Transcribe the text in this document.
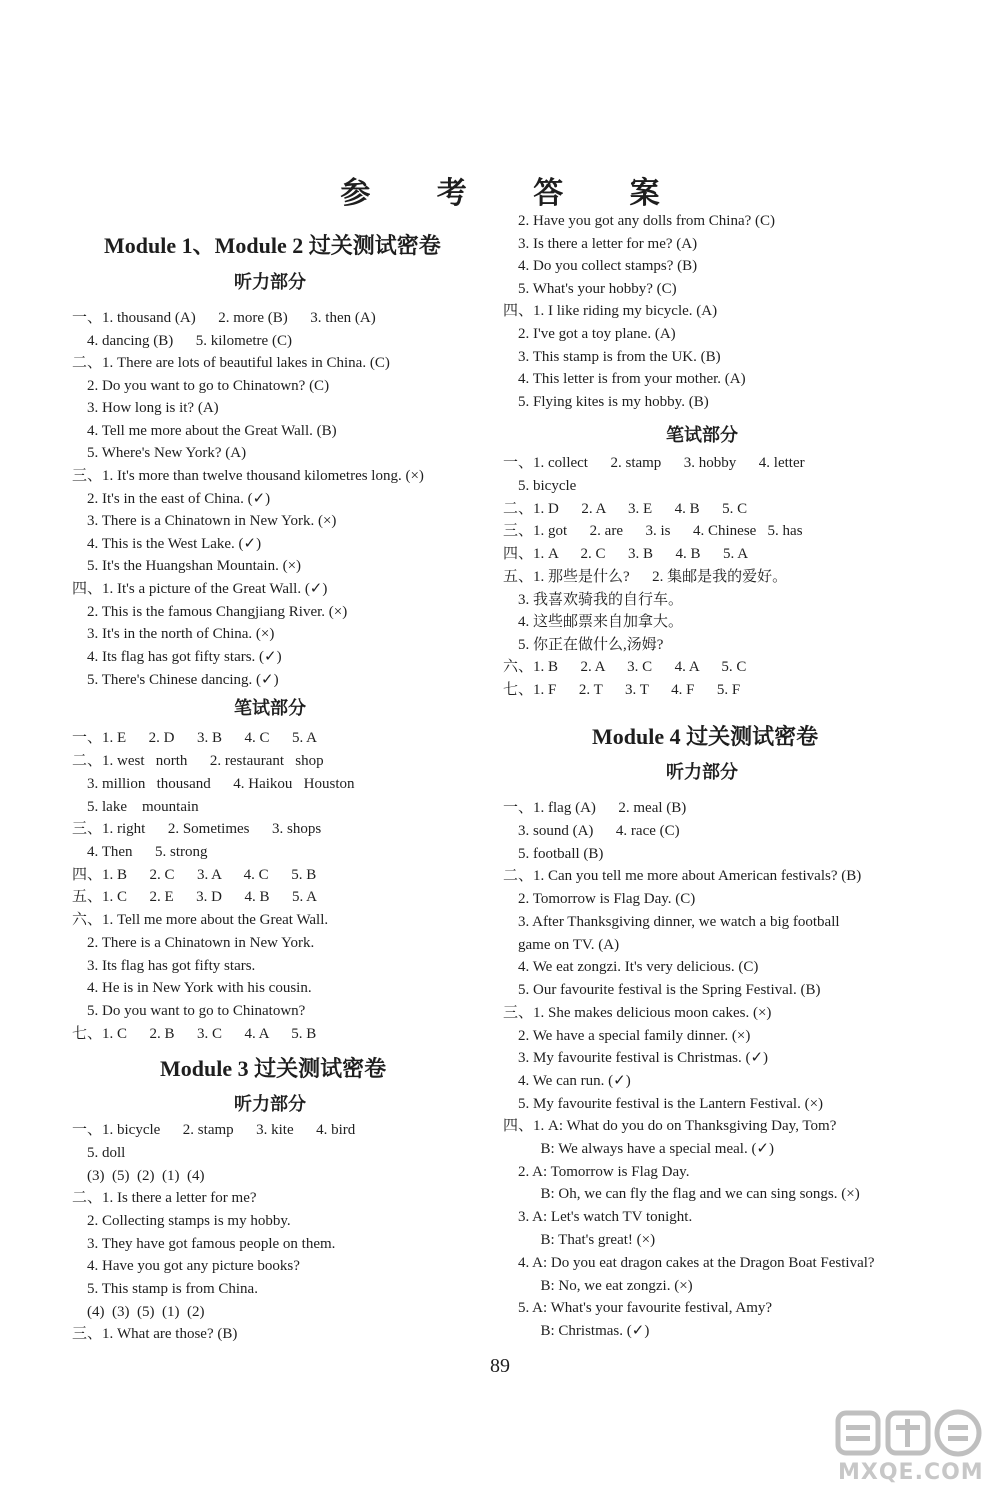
参 考 答 案
Module 1、Module 2 过关测试密卷
听力部分
一、1. thousand (A)      2. more (B)      3. then (A)
4. dancing (B)      5. kilometre (C)
二、1. There are lots of beautiful lakes in China. (C)
2. Do you want to go to Chinatown? (C)
3. How long is it? (A)
4. Tell me more about the Great Wall. (B)
5. Where's New York? (A)
三、1. It's more than twelve thousand kilometres long. (×)
2. It's in the east of China. (✓)
3. There is a Chinatown in New York. (×)
4. This is the West Lake. (✓)
5. It's the Huangshan Mountain. (×)
四、1. It's a picture of the Great Wall. (✓)
2. This is the famous Changjiang River. (×)
3. It's in the north of China. (×)
4. Its flag has got fifty stars. (✓)
5. There's Chinese dancing. (✓)
笔试部分
一、1. E      2. D      3. B      4. C      5. A
二、1. west   north      2. restaurant   shop
3. million   thousand      4. Haikou   Houston
5. lake    mountain
三、1. right      2. Sometimes      3. shops
4. Then      5. strong
四、1. B      2. C      3. A      4. C      5. B
五、1. C      2. E      3. D      4. B      5. A
六、1. Tell me more about the Great Wall.
2. There is a Chinatown in New York.
3. Its flag has got fifty stars.
4. He is in New York with his cousin.
5. Do you want to go to Chinatown?
七、1. C      2. B      3. C      4. A      5. B
Module 3 过关测试密卷
听力部分
一、1. bicycle      2. stamp      3. kite      4. bird
5. doll
(3)  (5)  (2)  (1)  (4)
二、1. Is there a letter for me?
2. Collecting stamps is my hobby.
3. They have got famous people on them.
4. Have you got any picture books?
5. This stamp is from China.
(4)  (3)  (5)  (1)  (2)
三、1. What are those? (B)
2. Have you got any dolls from China? (C)
3. Is there a letter for me? (A)
4. Do you collect stamps? (B)
5. What's your hobby? (C)
四、1. I like riding my bicycle. (A)
2. I've got a toy plane. (A)
3. This stamp is from the UK. (B)
4. This letter is from your mother. (A)
5. Flying kites is my hobby. (B)
笔试部分
一、1. collect      2. stamp      3. hobby      4. letter
5. bicycle
二、1. D      2. A      3. E      4. B      5. C
三、1. got      2. are      3. is      4. Chinese   5. has
四、1. A      2. C      3. B      4. B      5. A
五、1. 那些是什么?      2. 集邮是我的爱好。
3. 我喜欢骑我的自行车。
4. 这些邮票来自加拿大。
5. 你正在做什么,汤姆?
六、1. B      2. A      3. C      4. A      5. C
七、1. F      2. T      3. T      4. F      5. F
Module 4 过关测试密卷
听力部分
一、1. flag (A)      2. meal (B)
3. sound (A)      4. race (C)
5. football (B)
二、1. Can you tell me more about American festivals? (B)
2. Tomorrow is Flag Day. (C)
3. After Thanksgiving dinner, we watch a big football
game on TV. (A)
4. We eat zongzi. It's very delicious. (C)
5. Our favourite festival is the Spring Festival. (B)
三、1. She makes delicious moon cakes. (×)
2. We have a special family dinner. (×)
3. My favourite festival is Christmas. (✓)
4. We can run. (✓)
5. My favourite festival is the Lantern Festival. (×)
四、1. A: What do you do on Thanksgiving Day, Tom?
B: We always have a special meal. (✓)
2. A: Tomorrow is Flag Day.
B: Oh, we can fly the flag and we can sing songs. (×)
3. A: Let's watch TV tonight.
B: That's great! (×)
4. A: Do you eat dragon cakes at the Dragon Boat Festival?
B: No, we eat zongzi. (×)
5. A: What's your favourite festival, Amy?
B: Christmas. (✓)
89
MXQE.COM
